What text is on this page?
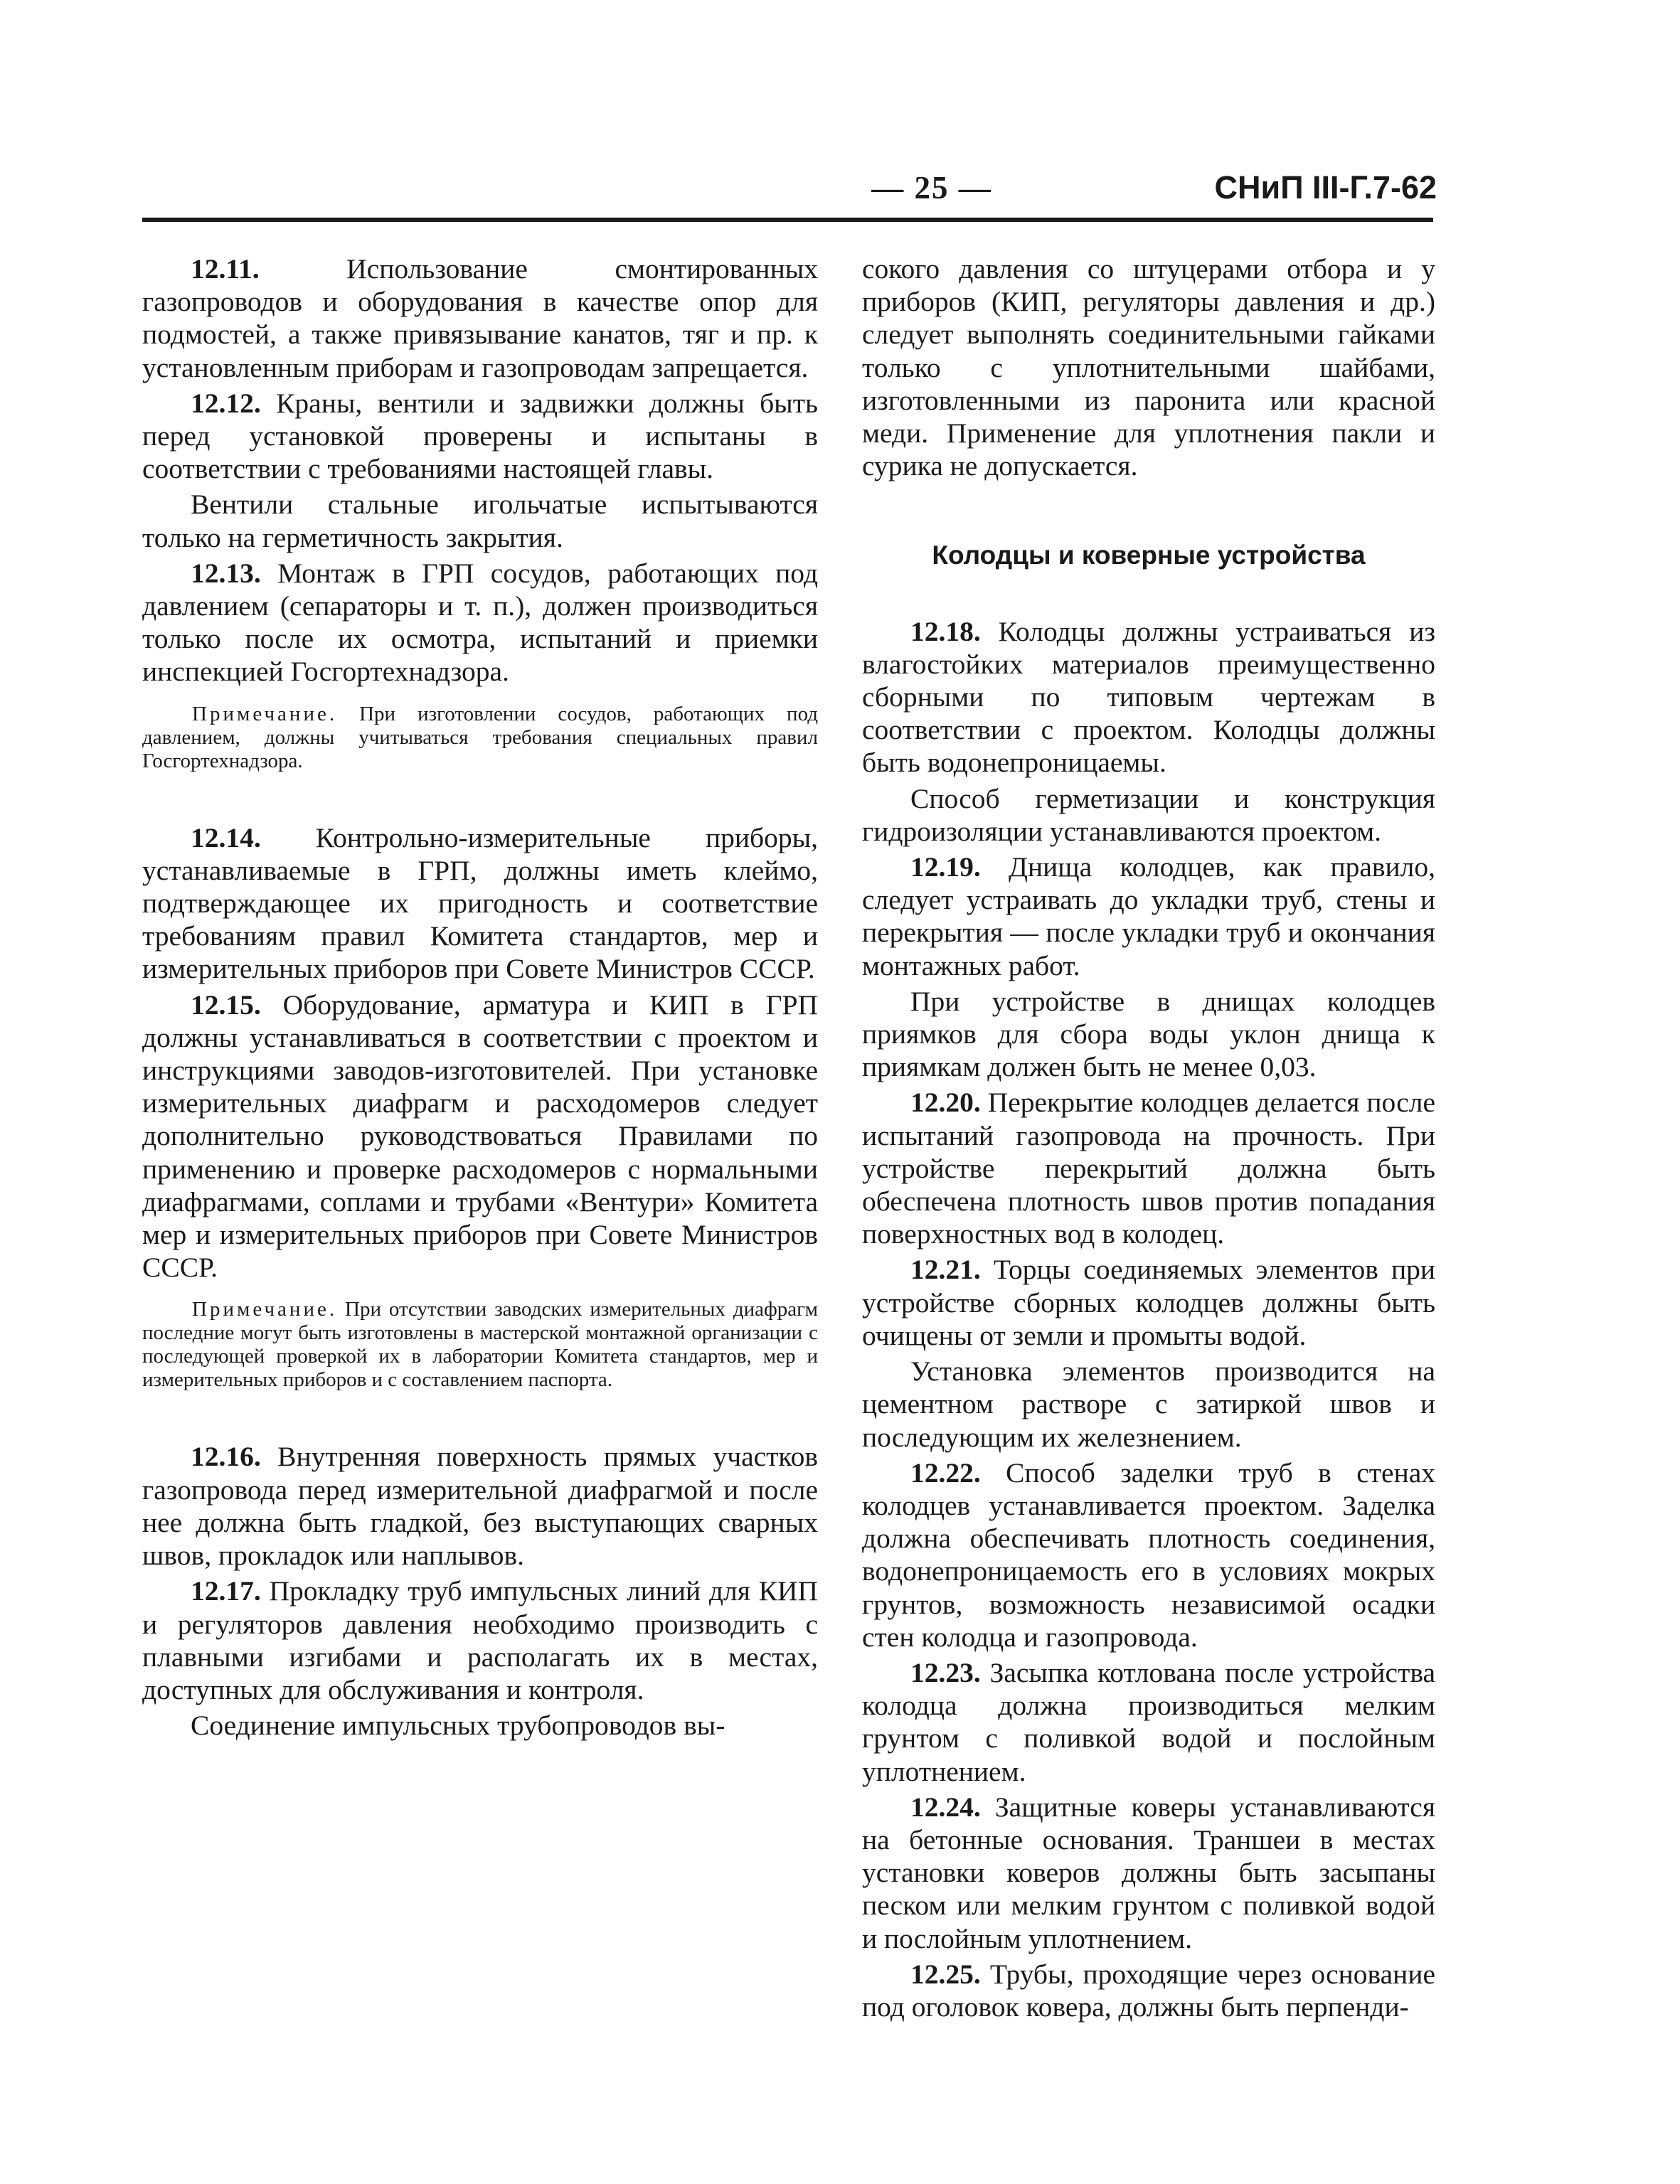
— 25 —	СНиП III-Г.7-62

12.11. Использование смонтированных газопроводов и оборудования в качестве опор для подмостей, а также привязывание канатов, тяг и пр. к установленным приборам и газопроводам запрещается.

12.12. Краны, вентили и задвижки должны быть перед установкой проверены и испытаны в соответствии с требованиями настоящей главы.

Вентили стальные игольчатые испытываются только на герметичность закрытия.

12.13. Монтаж в ГРП сосудов, работающих под давлением (сепараторы и т. п.), должен производиться только после их осмотра, испытаний и приемки инспекцией Госгортехнадзора.

Примечание. При изготовлении сосудов, работающих под давлением, должны учитываться требования специальных правил Госгортехнадзора.

12.14. Контрольно-измерительные приборы, устанавливаемые в ГРП, должны иметь клеймо, подтверждающее их пригодность и соответствие требованиям правил Комитета стандартов, мер и измерительных приборов при Совете Министров СССР.

12.15. Оборудование, арматура и КИП в ГРП должны устанавливаться в соответствии с проектом и инструкциями заводов-изготовителей. При установке измерительных диафрагм и расходомеров следует дополнительно руководствоваться Правилами по применению и проверке расходомеров с нормальными диафрагмами, соплами и трубами «Вентури» Комитета мер и измерительных приборов при Совете Министров СССР.

Примечание. При отсутствии заводских измерительных диафрагм последние могут быть изготовлены в мастерской монтажной организации с последующей проверкой их в лаборатории Комитета стандартов, мер и измерительных приборов и с составлением паспорта.

12.16. Внутренняя поверхность прямых участков газопровода перед измерительной диафрагмой и после нее должна быть гладкой, без выступающих сварных швов, прокладок или наплывов.

12.17. Прокладку труб импульсных линий для КИП и регуляторов давления необходимо производить с плавными изгибами и располагать их в местах, доступных для обслуживания и контроля.

Соединение импульсных трубопроводов вы-

сокого давления со штуцерами отбора и у приборов (КИП, регуляторы давления и др.) следует выполнять соединительными гайками только с уплотнительными шайбами, изготовленными из паронита или красной меди. Применение для уплотнения пакли и сурика не допускается.

Колодцы и коверные устройства

12.18. Колодцы должны устраиваться из влагостойких материалов преимущественно сборными по типовым чертежам в соответствии с проектом. Колодцы должны быть водонепроницаемы.

Способ герметизации и конструкция гидроизоляции устанавливаются проектом.

12.19. Днища колодцев, как правило, следует устраивать до укладки труб, стены и перекрытия — после укладки труб и окончания монтажных работ.

При устройстве в днищах колодцев приямков для сбора воды уклон днища к приямкам должен быть не менее 0,03.

12.20. Перекрытие колодцев делается после испытаний газопровода на прочность. При устройстве перекрытий должна быть обеспечена плотность швов против попадания поверхностных вод в колодец.

12.21. Торцы соединяемых элементов при устройстве сборных колодцев должны быть очищены от земли и промыты водой.

Установка элементов производится на цементном растворе с затиркой швов и последующим их железнением.

12.22. Способ заделки труб в стенах колодцев устанавливается проектом. Заделка должна обеспечивать плотность соединения, водонепроницаемость его в условиях мокрых грунтов, возможность независимой осадки стен колодца и газопровода.

12.23. Засыпка котлована после устройства колодца должна производиться мелким грунтом с поливкой водой и послойным уплотнением.

12.24. Защитные коверы устанавливаются на бетонные основания. Траншеи в местах установки коверов должны быть засыпаны песком или мелким грунтом с поливкой водой и послойным уплотнением.

12.25. Трубы, проходящие через основание под оголовок ковера, должны быть перпенди-
